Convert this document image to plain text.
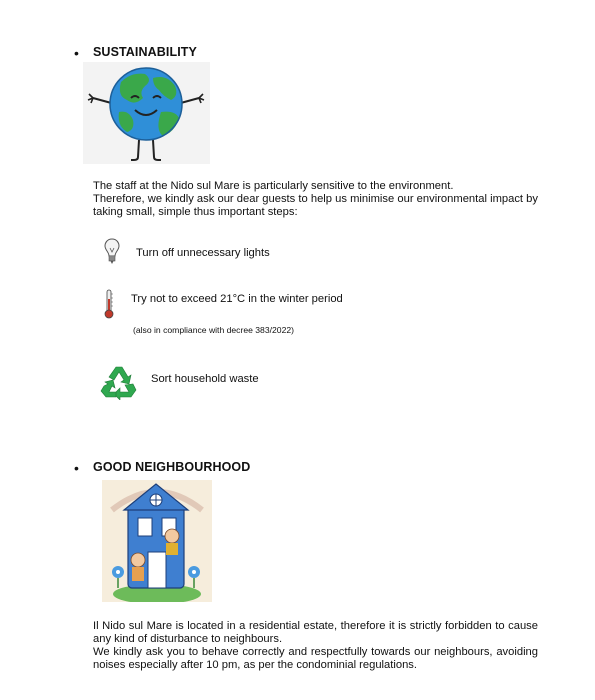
• SUSTAINABILITY

The staff at the Nido sul Mare is particularly sensitive to the environment.

Therefore, we kindly ask our dear guests to help us minimise our environmental impact by taking small, simple thus important steps:

Turn off unnecessary lights
Try not to exceed 21°C in the winter period
(also in compliance with decree 383/2022)
Sort household waste
• GOOD NEIGHBOURHOOD

Il Nido sul Mare is located in a residential estate, therefore it is strictly forbidden to cause any kind of disturbance to neighbours.

We kindly ask you to behave correctly and respectfully towards our neighbours, avoiding noises especially after 10 pm, as per the condominial regulations.
